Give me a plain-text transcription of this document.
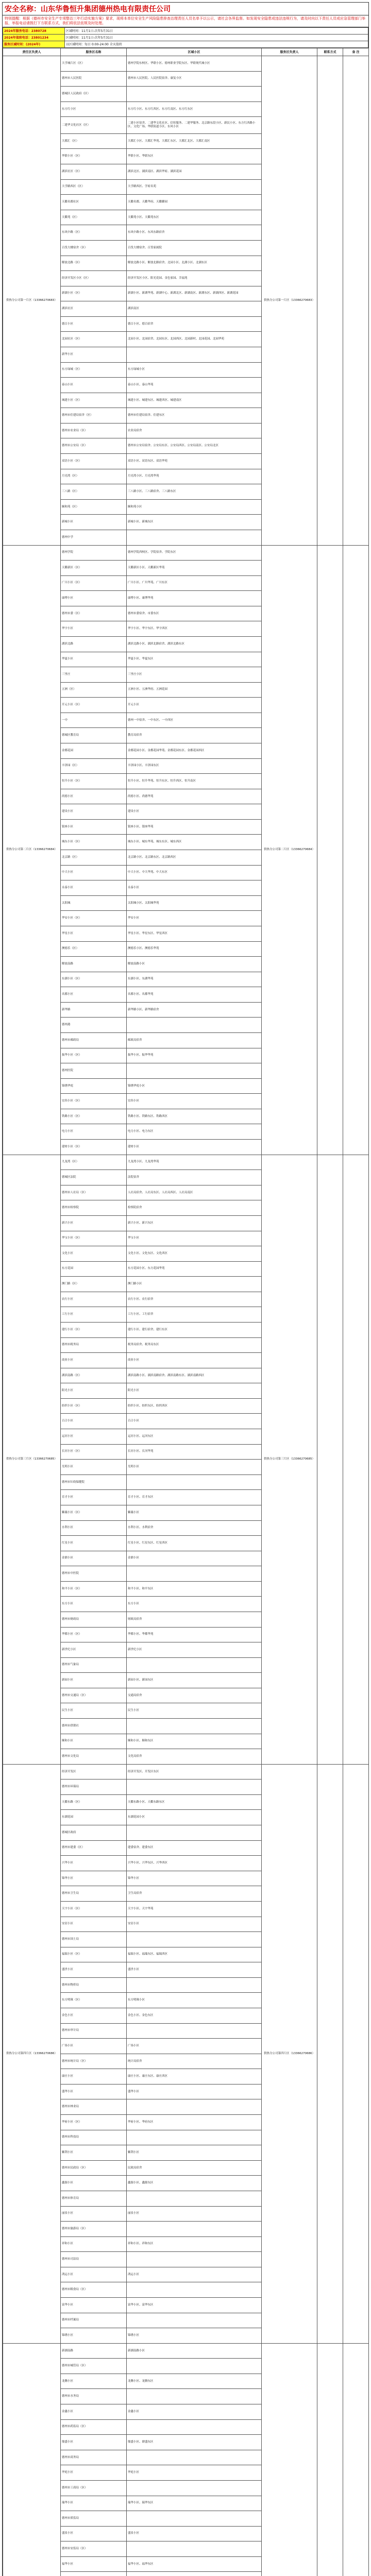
安全名称：山东华鲁恒升集团德州热电有限责任公司
特别提醒：根据《德州市安全生产专项整治三年行动实施方案》要求，现将本单位安全生产风险隐患排查治理责任人员名单予以公示，请社会各界监督。如发现安全隐患或违法违规行为，请及时向以下责任人员或应急管理部门举报，举报电话请拨打下方联系方式，我们将依法依规及时处理。
2024年服务电话：2380728	区域时间：11月1日-次年5月31日
2024年值班电话：23801234	区域时间：11月1日-次年5月31日
服务区域时间：(2024年)	以区域时间：每日 0:00-24:00 全天值班
责任区负责人	服务区名称	区域小区	服务区负责人	联系方式	备 注
供热分公司第一片区（13366270683）	大学城片区（区）	德州学院东校区、华联小区、德州职业学院东区、华联现代城小区	供热分公司第一片区（13366270683）		
	德州市人民医院	德州市人民医院、人民医院宿舍、康复小区			
	德城区人民政府（区）				
	东方红小区	东方红小区、东方红西区、东方红南区、东方红东区			
	二建华文化社区（区）	二建小区宿舍、二建华文化社区、信恒服务、二建华服务、北京路东段小区、新民小区、东方红西路小区、文化广场、华联街道小区、东风小区			
	大都汇（区）	大都汇小区、大都汇华苑、大都汇东区、大都汇北区、大都汇南区			
	华联小区（区）	华联小区、华联东区			
	湖滨社区（区）	湖滨北区、湖滨南区、湖滨华府、湖滨花园			
	大学路西区（区）	大学路西区、学府名苑			
	天衢名都社区	天衢名都、天衢华府、天衢御园			
	天衢苑（区）	天衢苑小区、天衢苑东区			
	东风中路（区）	东风中路小区、东风东路宿舍			
	百货大楼宿舍（区）	百货大楼宿舍、百货家属院			
	解放北路（区）	解放北路小区、解放北路宿舍、北园小区、北湖小区、北湖东区			
	经济开发区小区（区）	经济开发区小区、阳光花园、金色家园、幸福苑			
	新湖小区（区）	新湖小区、新湖华苑、新湖中心、新湖北区、新湖南区、新湖东区、新湖西区、新湖花园			
	湖滨社区	湖滨南区			
	德百小区	德百小区、德百宿舍			
	北园社区（区）	北园小区、北园宿舍、北园东区、北园西区、北园新村、北园花园、北园华苑			
	新华小区				
	东方绿城（区）	东方绿城小区			
	泰山小区	泰山小区、泰山华苑			
	城建小区（区）	城建小区、城建东区、城建西区、城建南区			
	德州市住建局宿舍（区）	德州市住建局宿舍、住建东区			
	德州市农业局（区）	农业局宿舍			
	德州市公安局（区）	德州市公安局宿舍、公安局东区、公安局西区、公安局南区、公安局北区			
	双语小区（区）	双语小区、双语东区、双语华苑			
	月亮湾（区）	月亮湾小区、月亮湾华苑			
	三八路（区）	三八路小区、三八路宿舍、三八路东区			
	颐和苑（区）	颐和苑小区			
	新城小区	新城小区、新城东区			
	德州中学				
供热分公司第二片区（13366270684）	德州学院	德州学院西校区、学院宿舍、学院东区	供热分公司第二片区（13366270684）		
	天衢新区（区）	天衢新区小区、天衢新区华苑			
	广川小区（区）	广川小区、广川华苑、广川东区			
	康博小区	康博小区、康博华苑			
	德州市委（区）	德州市委宿舍、市委东区			
	华宇小区	华宇小区、华宇东区、华宇西区			
	湖滨北路	湖滨北路小区、湖滨北路宿舍、湖滨北路东区			
	华夏小区	华夏小区、华夏东区			
	三里庄	三里庄小区			
	五洲（区）	五洲小区、五洲华府、五洲花园			
	开元小区（区）	开元小区			
	一中	德州一中宿舍、一中东区、一中西区			
	德城区教育局	教育局宿舍			
	金都花园	金都花园小区、金都花园华苑、金都花园东区、金都花园西区			
	丰泽园（区）	丰泽园小区、丰泽园东区			
	恒升小区（区）	恒升小区、恒升华苑、恒升东区、恒升西区、恒升南区			
	尚德小区	尚德小区、尚德华苑			
	建设小区	建设小区			
	银座小区	银座小区、银座华苑			
	城东小区（区）	城东小区、城东华苑、城东东区、城东西区			
	北京路（区）	北京路小区、北京路东区、北京路西区			
	中大小区	中大小区、中大华苑、中大东区			
	永泰小区	永泰小区			
	太阳城	太阳城小区、太阳城华苑			
	华安小区（区）	华安小区			
	华星小区	华星小区、华星东区、华星西区			
	澳德乐（区）	澳德乐小区、澳德乐华苑			
	解放南路	解放南路小区			
	东湖小区（区）	东湖小区、东湖华苑			
	名都小区	名都小区、名都华苑			
	新华路	新华路小区、新华路宿舍			
	德州港				
	德州市邮政局	邮政局宿舍			
	振华小区（区）	振华小区、振华华苑			
	德州医院				
	锦绣华庭	锦绣华庭小区			
	宏伟小区（区）	宏伟小区			
	铁路小区（区）	铁路小区、铁路东区、铁路西区			
	电力小区	电力小区、电力东区			
	建材小区（区）	建材小区			
供热分公司第三片区（13366270685）	九龙湾（区）	九龙湾小区、九龙湾华苑	供热分公司第三片区（13366270685）		
	德城区法院	法院宿舍			
	德州市人社局（区）	人社局宿舍、人社局东区、人社局西区、人社局南区			
	德州市检察院	检察院宿舍			
	新兴小区	新兴小区、新兴东区			
	华宝小区（区）	华宝小区			
	文化小区	文化小区、文化东区、文化西区			
	东方花园	东方花园小区、东方花园华苑			
	澳门路（区）	澳门路小区			
	农行小区	农行小区、农行宿舍			
	工行小区	工行小区、工行宿舍			
	建行小区（区）	建行小区、建行宿舍、建行东区			
	德州市税务局	税务局宿舍、税务局东区			
	商业小区	商业小区			
	湖滨南路（区）	湖滨南路小区、湖滨南路宿舍、湖滨南路东区、湖滨南路西区			
	阳光小区	阳光小区			
	纺织小区（区）	纺织小区、纺织东区、纺织西区			
	百合小区	百合小区			
	运河小区	运河小区、运河东区			
	长河小区（区）	长河小区、长河华苑			
	光明小区	光明小区			
	德州市妇幼保健院				
	育才小区	育才小区、育才东区			
	紫薇小区（区）	紫薇小区			
	水利小区	水利小区、水利宿舍			
	红星小区	红星小区、红星东区、红星西区			
	金鼎小区	金鼎小区			
	德州市中医院				
	和平小区（区）	和平小区、和平东区			
	东方小区	东方小区			
	德州市财政局	财政局宿舍			
	华都小区（区）	华都小区、华都华苑			
	新世纪小区	新世纪小区			
	德州市气象局				
	新园小区	新园小区、新园东区			
	德州市交通局（区）	交通局宿舍			
	民生小区	民生小区			
	德州市供销社				
	顺和小区	顺和小区、顺和东区			
	德州市文化局	文化局宿舍			
供热分公司第四片区（13366270686）	经济开发区	经济开发区、开发区东区	供热分公司第四片区（13366270686）		
	德州市环保局				
	天衢东路（区）	天衢东路小区、天衢东路东区			
	东湖花园	东湖花园小区			
	德城区政府				
	德州市建委（区）	建委宿舍、建委东区			
	兴华小区	兴华小区、兴华东区、兴华西区			
	锦华小区	锦华小区			
	德州市卫生局	卫生局宿舍			
	天宇小区（区）	天宇小区、天宇华苑			
	安居小区	安居小区			
	德州市国土局				
	福瑞小区（区）	福瑞小区、福瑞东区、福瑞西区			
	盛世小区	盛世小区			
	德州市物价局				
	东方明珠（区）	东方明珠小区			
	金色小区	金色小区、金色东区			
	德州市审计局				
	广场小区	广场小区			
	德州市统计局（区）	统计局宿舍			
	康庄小区	康庄小区、康庄东区、康庄西区			
	盛华小区	盛华小区			
	德州市林业局				
	华府小区（区）	华府小区、华府东区			
	德州市科技局				
	紫荆小区	紫荆小区			
	德州市民政局（区）	民政局宿舍			
	鑫源小区	鑫源小区、鑫源东区			
	德州市体育局				
	丽景小区	丽景小区			
	德州市旅游局（区）				
	祥和小区	祥和小区、祥和东区			
	德州市司法局				
	鸿运小区	鸿运小区			
	德州市粮食局（区）				
	富华小区	富华小区、富华东区			
	德州市档案局				
	锦绣小区	锦绣小区			
	新湖南路	新湖南路小区			
	德州市城管局（区）				
	龙腾小区	龙腾小区、龙腾东区			
	德州市水务局				
	金鑫小区	金鑫小区			
	德州市药监局（区）				
	鼎盛小区	鼎盛小区、鼎盛东区			
	德州市商务局				
	华庭小区	华庭小区			
	德州市工商局（区）				
	瑞华小区	瑞华小区、瑞华东区			
	德州市质监局				
	盛景小区	盛景小区			
	德州市安监局（区）				
	福华小区	福华小区、福华东区			
